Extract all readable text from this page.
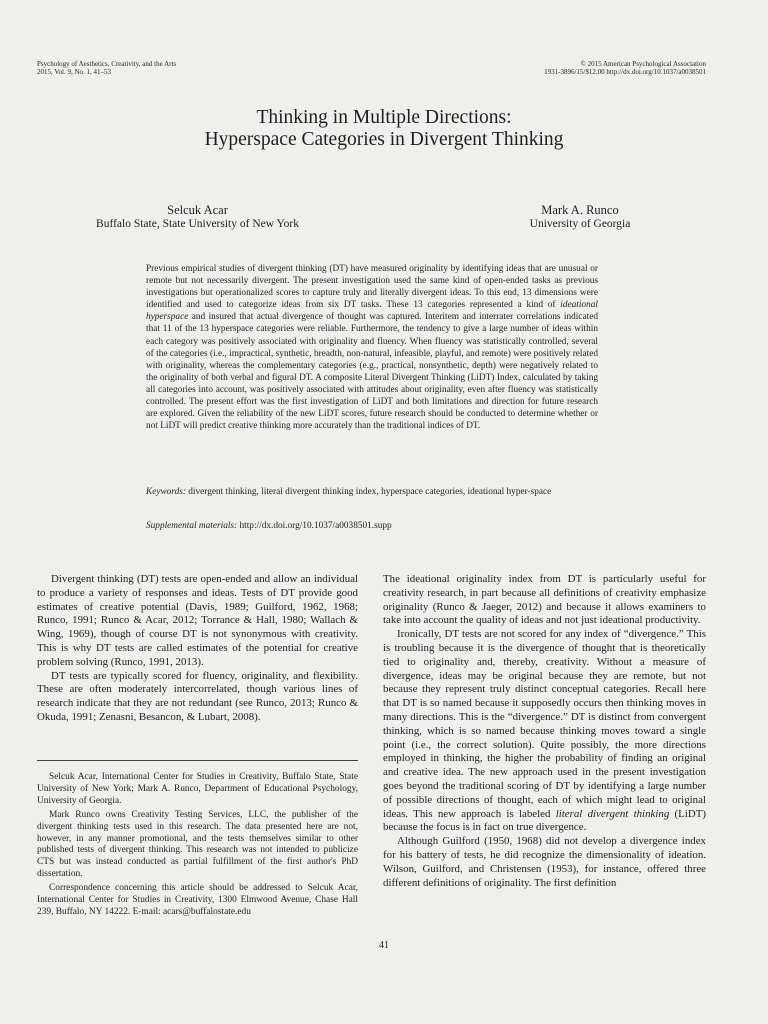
Psychology of Aesthetics, Creativity, and the Arts
2015, Vol. 9, No. 1, 41–53
© 2015 American Psychological Association
1931-3896/15/$12.00 http://dx.doi.org/10.1037/a0038501
Thinking in Multiple Directions:
Hyperspace Categories in Divergent Thinking
Selcuk Acar
Buffalo State, State University of New York
Mark A. Runco
University of Georgia
Previous empirical studies of divergent thinking (DT) have measured originality by identifying ideas that are unusual or remote but not necessarily divergent. The present investigation used the same kind of open-ended tasks as previous investigations but operationalized scores to capture truly and literally divergent ideas. To this end, 13 dimensions were identified and used to categorize ideas from six DT tasks. These 13 categories represented a kind of ideational hyperspace and insured that actual divergence of thought was captured. Interitem and interrater correlations indicated that 11 of the 13 hyperspace categories were reliable. Furthermore, the tendency to give a large number of ideas within each category was positively associated with originality and fluency. When fluency was statistically controlled, several of the categories (i.e., impractical, synthetic, breadth, non-natural, infeasible, playful, and remote) were positively related with originality, whereas the complementary categories (e.g., practical, nonsynthetic, depth) were negatively related to the originality of both verbal and figural DT. A composite Literal Divergent Thinking (LiDT) Index, calculated by taking all categories into account, was positively associated with attitudes about originality, even after fluency was statistically controlled. The present effort was the first investigation of LiDT and both limitations and direction for future research are explored. Given the reliability of the new LiDT scores, future research should be conducted to determine whether or not LiDT will predict creative thinking more accurately than the traditional indices of DT.
Keywords: divergent thinking, literal divergent thinking index, hyperspace categories, ideational hyper-space
Supplemental materials: http://dx.doi.org/10.1037/a0038501.supp

Divergent thinking (DT) tests are open-ended and allow an individual to produce a variety of responses and ideas. Tests of DT provide good estimates of creative potential (Davis, 1989; Guilford, 1962, 1968; Runco, 1991; Runco & Acar, 2012; Torrance & Hall, 1980; Wallach & Wing, 1969), though of course DT is not synonymous with creativity. This is why DT tests are called estimates of the potential for creative problem solving (Runco, 1991, 2013).

DT tests are typically scored for fluency, originality, and flexibility. These are often moderately intercorrelated, though various lines of research indicate that they are not redundant (see Runco, 2013; Runco & Okuda, 1991; Zenasni, Besancon, & Lubart, 2008).

Selcuk Acar, International Center for Studies in Creativity, Buffalo State, State University of New York; Mark A. Runco, Department of Educational Psychology, University of Georgia.

Mark Runco owns Creativity Testing Services, LLC, the publisher of the divergent thinking tests used in this research. The data presented here are not, however, in any manner promotional, and the tests themselves similar to other published tests of divergent thinking. This research was not intended to publicize CTS but was instead conducted as partial fulfillment of the first author's PhD dissertation.

Correspondence concerning this article should be addressed to Selcuk Acar, International Center for Studies in Creativity, 1300 Elmwood Avenue, Chase Hall 239, Buffalo, NY 14222. E-mail: acars@buffalostate.edu

The ideational originality index from DT is particularly useful for creativity research, in part because all definitions of creativity emphasize originality (Runco & Jaeger, 2012) and because it allows examiners to take into account the quality of ideas and not just ideational productivity.

Ironically, DT tests are not scored for any index of “divergence.” This is troubling because it is the divergence of thought that is theoretically tied to originality and, thereby, creativity. Without a measure of divergence, ideas may be original because they are remote, but not because they represent truly distinct conceptual categories. Recall here that DT is so named because it supposedly occurs then thinking moves in many directions. This is the “divergence.” DT is distinct from convergent thinking, which is so named because thinking moves toward a single point (i.e., the correct solution). Quite possibly, the more directions employed in thinking, the higher the probability of finding an original and creative idea. The new approach used in the present investigation goes beyond the traditional scoring of DT by identifying a large number of possible directions of thought, each of which might lead to original ideas. This new approach is labeled literal divergent thinking (LiDT) because the focus is in fact on true divergence.

Although Guilford (1950, 1968) did not develop a divergence index for his battery of tests, he did recognize the dimensionality of ideation. Wilson, Guilford, and Christensen (1953), for instance, offered three different definitions of originality. The first definition

41
